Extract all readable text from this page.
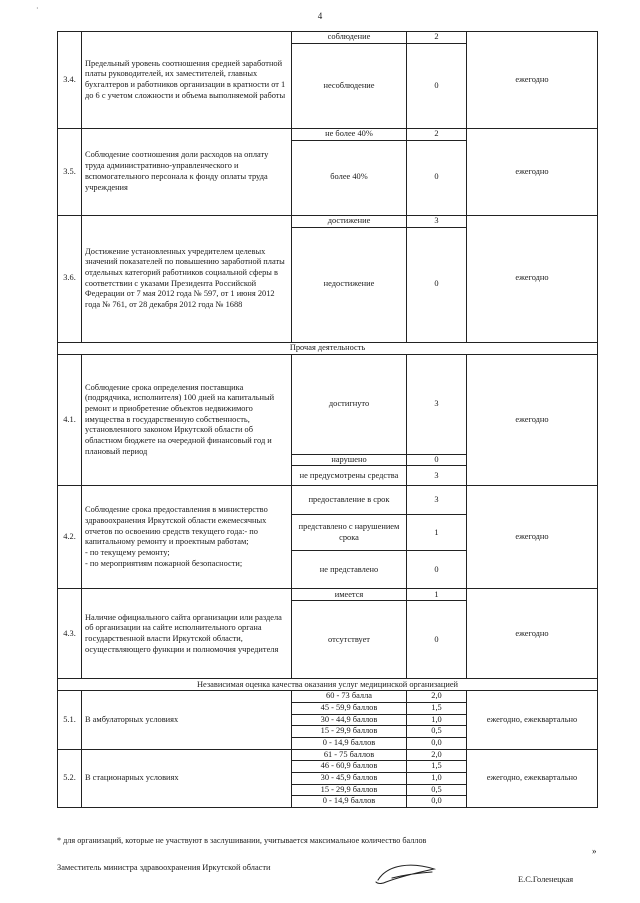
·
4
3.4.	Предельный уровень соотношения средней заработной платы руководителей, их заместителей, главных бухгалтеров и работников организации в кратности от 1 до 6 с учетом сложности и объема выполняемой работы	соблюдение	2	ежегодно
		несоблюдение	0	
3.5.	Соблюдение соотношения доли расходов на оплату труда административно-управленческого и вспомогательного персонала к фонду оплаты труда учреждения	не более 40%	2	ежегодно
		более 40%	0	
3.6.	Достижение установленных учредителем целевых значений показателей по повышению заработной платы отдельных категорий работников социальной сферы в соответствии с указами Президента Российской Федерации от 7 мая 2012 года № 597, от 1 июня 2012 года № 761, от 28 декабря 2012 года № 1688	достижение	3	ежегодно
		недостижение	0	
Прочая деятельность				
4.1.	Соблюдение срока определения поставщика (подрядчика, исполнителя) 100 дней на капитальный ремонт и приобретение объектов недвижимого имущества в государственную собственность, установленного законом Иркутской области об областном бюджете на очередной финансовый год и плановый период	достигнуто	3	ежегодно
		нарушено	0	
		не предусмотрены средства	3	
4.2.	Соблюдение срока предоставления в министерство здравоохранения Иркутской области ежемесячных отчетов по освоению средств текущего года:- по капитальному ремонту и проектным работам;
- по текущему ремонту;
- по мероприятиям пожарной безопасности;	предоставление в срок	3	ежегодно
		представлено с нарушением срока	1	
		не представлено	0	
4.3.	Наличие официального сайта организации или раздела об организации на сайте исполнительного органа государственной власти Иркутской области, осуществляющего функции и полномочия учредителя	имеется	1	ежегодно
		отсутствует	0	
Независимая оценка качества оказания услуг медицинской организацией				
5.1.	В амбулаторных условиях	60 - 73 балла	2,0	ежегодно, ежеквартально
		45 - 59,9 баллов	1,5	
		30 - 44,9 баллов	1,0	
		15 - 29,9 баллов	0,5	
		0 - 14,9 баллов	0,0	
5.2.	В стационарных условиях	61 - 75 баллов	2,0	ежегодно, ежеквартально
		46 - 60,9 баллов	1,5	
		30 - 45,9 баллов	1,0	
		15 - 29,9 баллов	0,5	
		0 - 14,9 баллов	0,0	
* для организаций, которые не участвуют в заслушивании, учитывается максимальное количество баллов
»
Заместитель министра здравоохранения Иркутской области
Е.С.Голенецкая
